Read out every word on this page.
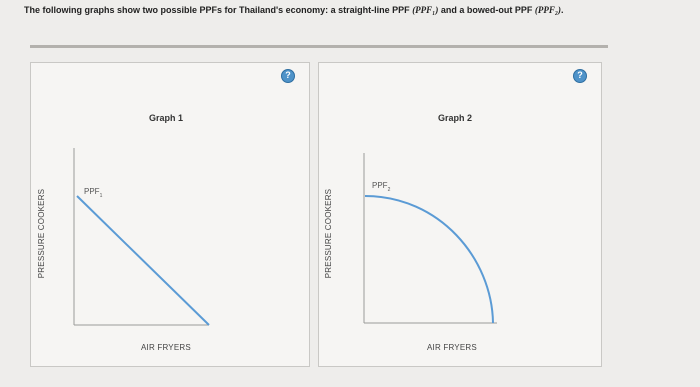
The following graphs show two possible PPFs for Thailand's economy: a straight-line PPF (PPF₁) and a bowed-out PPF (PPF₂).
?
Graph 1
$PPF_1$
PRESSURE COOKERS
AIR FRYERS
?
Graph 2
$PPF_2$
PRESSURE COOKERS
AIR FRYERS
